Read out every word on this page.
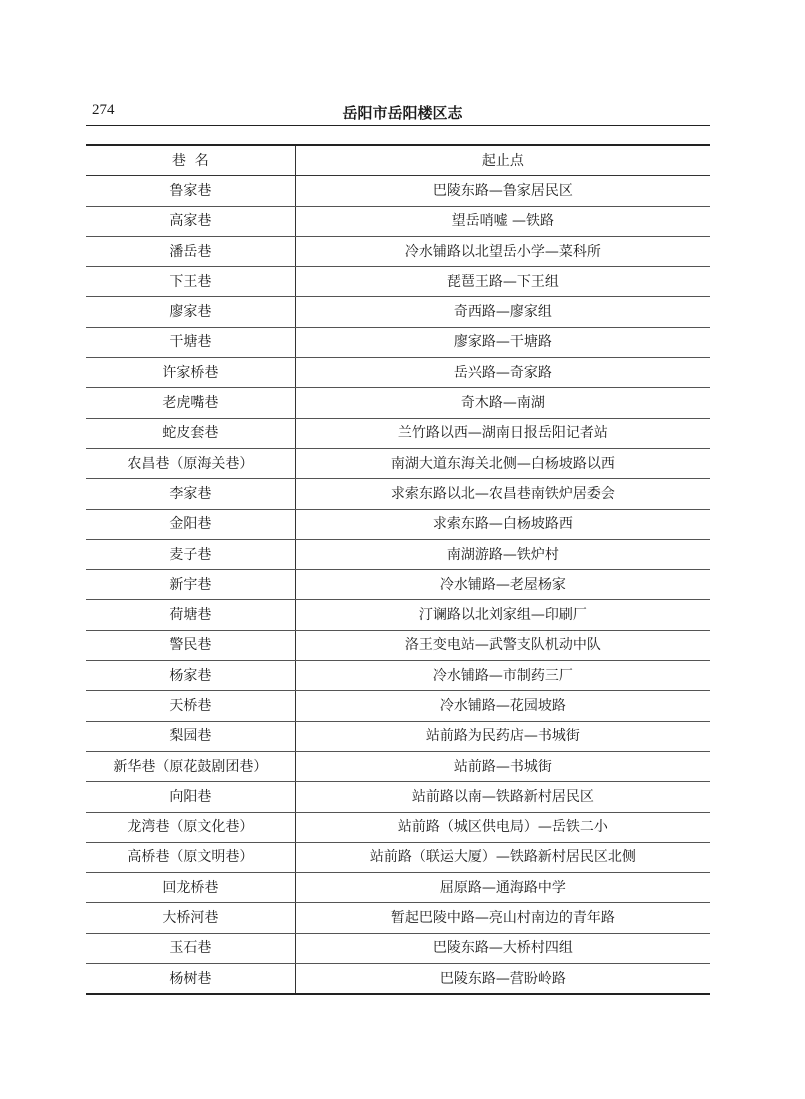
274	岳阳市岳阳楼区志
巷  名	起止点
鲁家巷	巴陵东路—鲁家居民区
高家巷	望岳哨嘘 —铁路
潘岳巷	冷水铺路以北望岳小学—菜科所
下王巷	琵琶王路—下王组
廖家巷	奇西路—廖家组
干塘巷	廖家路—干塘路
许家桥巷	岳兴路—奇家路
老虎嘴巷	奇木路—南湖
蛇皮套巷	兰竹路以西—湖南日报岳阳记者站
农昌巷（原海关巷）	南湖大道东海关北侧—白杨坡路以西
李家巷	求索东路以北—农昌巷南铁炉居委会
金阳巷	求索东路—白杨坡路西
麦子巷	南湖游路—铁炉村
新宇巷	冷水铺路—老屋杨家
荷塘巷	汀谰路以北刘家组—印刷厂
警民巷	洛王变电站—武警支队机动中队
杨家巷	冷水铺路—市制药三厂
天桥巷	冷水铺路—花园坡路
梨园巷	站前路为民药店—书城街
新华巷（原花鼓剧团巷）	站前路—书城街
向阳巷	站前路以南—铁路新村居民区
龙湾巷（原文化巷）	站前路（城区供电局）—岳铁二小
高桥巷（原文明巷）	站前路（联运大厦）—铁路新村居民区北侧
回龙桥巷	屈原路—通海路中学
大桥河巷	暂起巴陵中路—亮山村南边的青年路
玉石巷	巴陵东路—大桥村四组
杨树巷	巴陵东路—营盼岭路
